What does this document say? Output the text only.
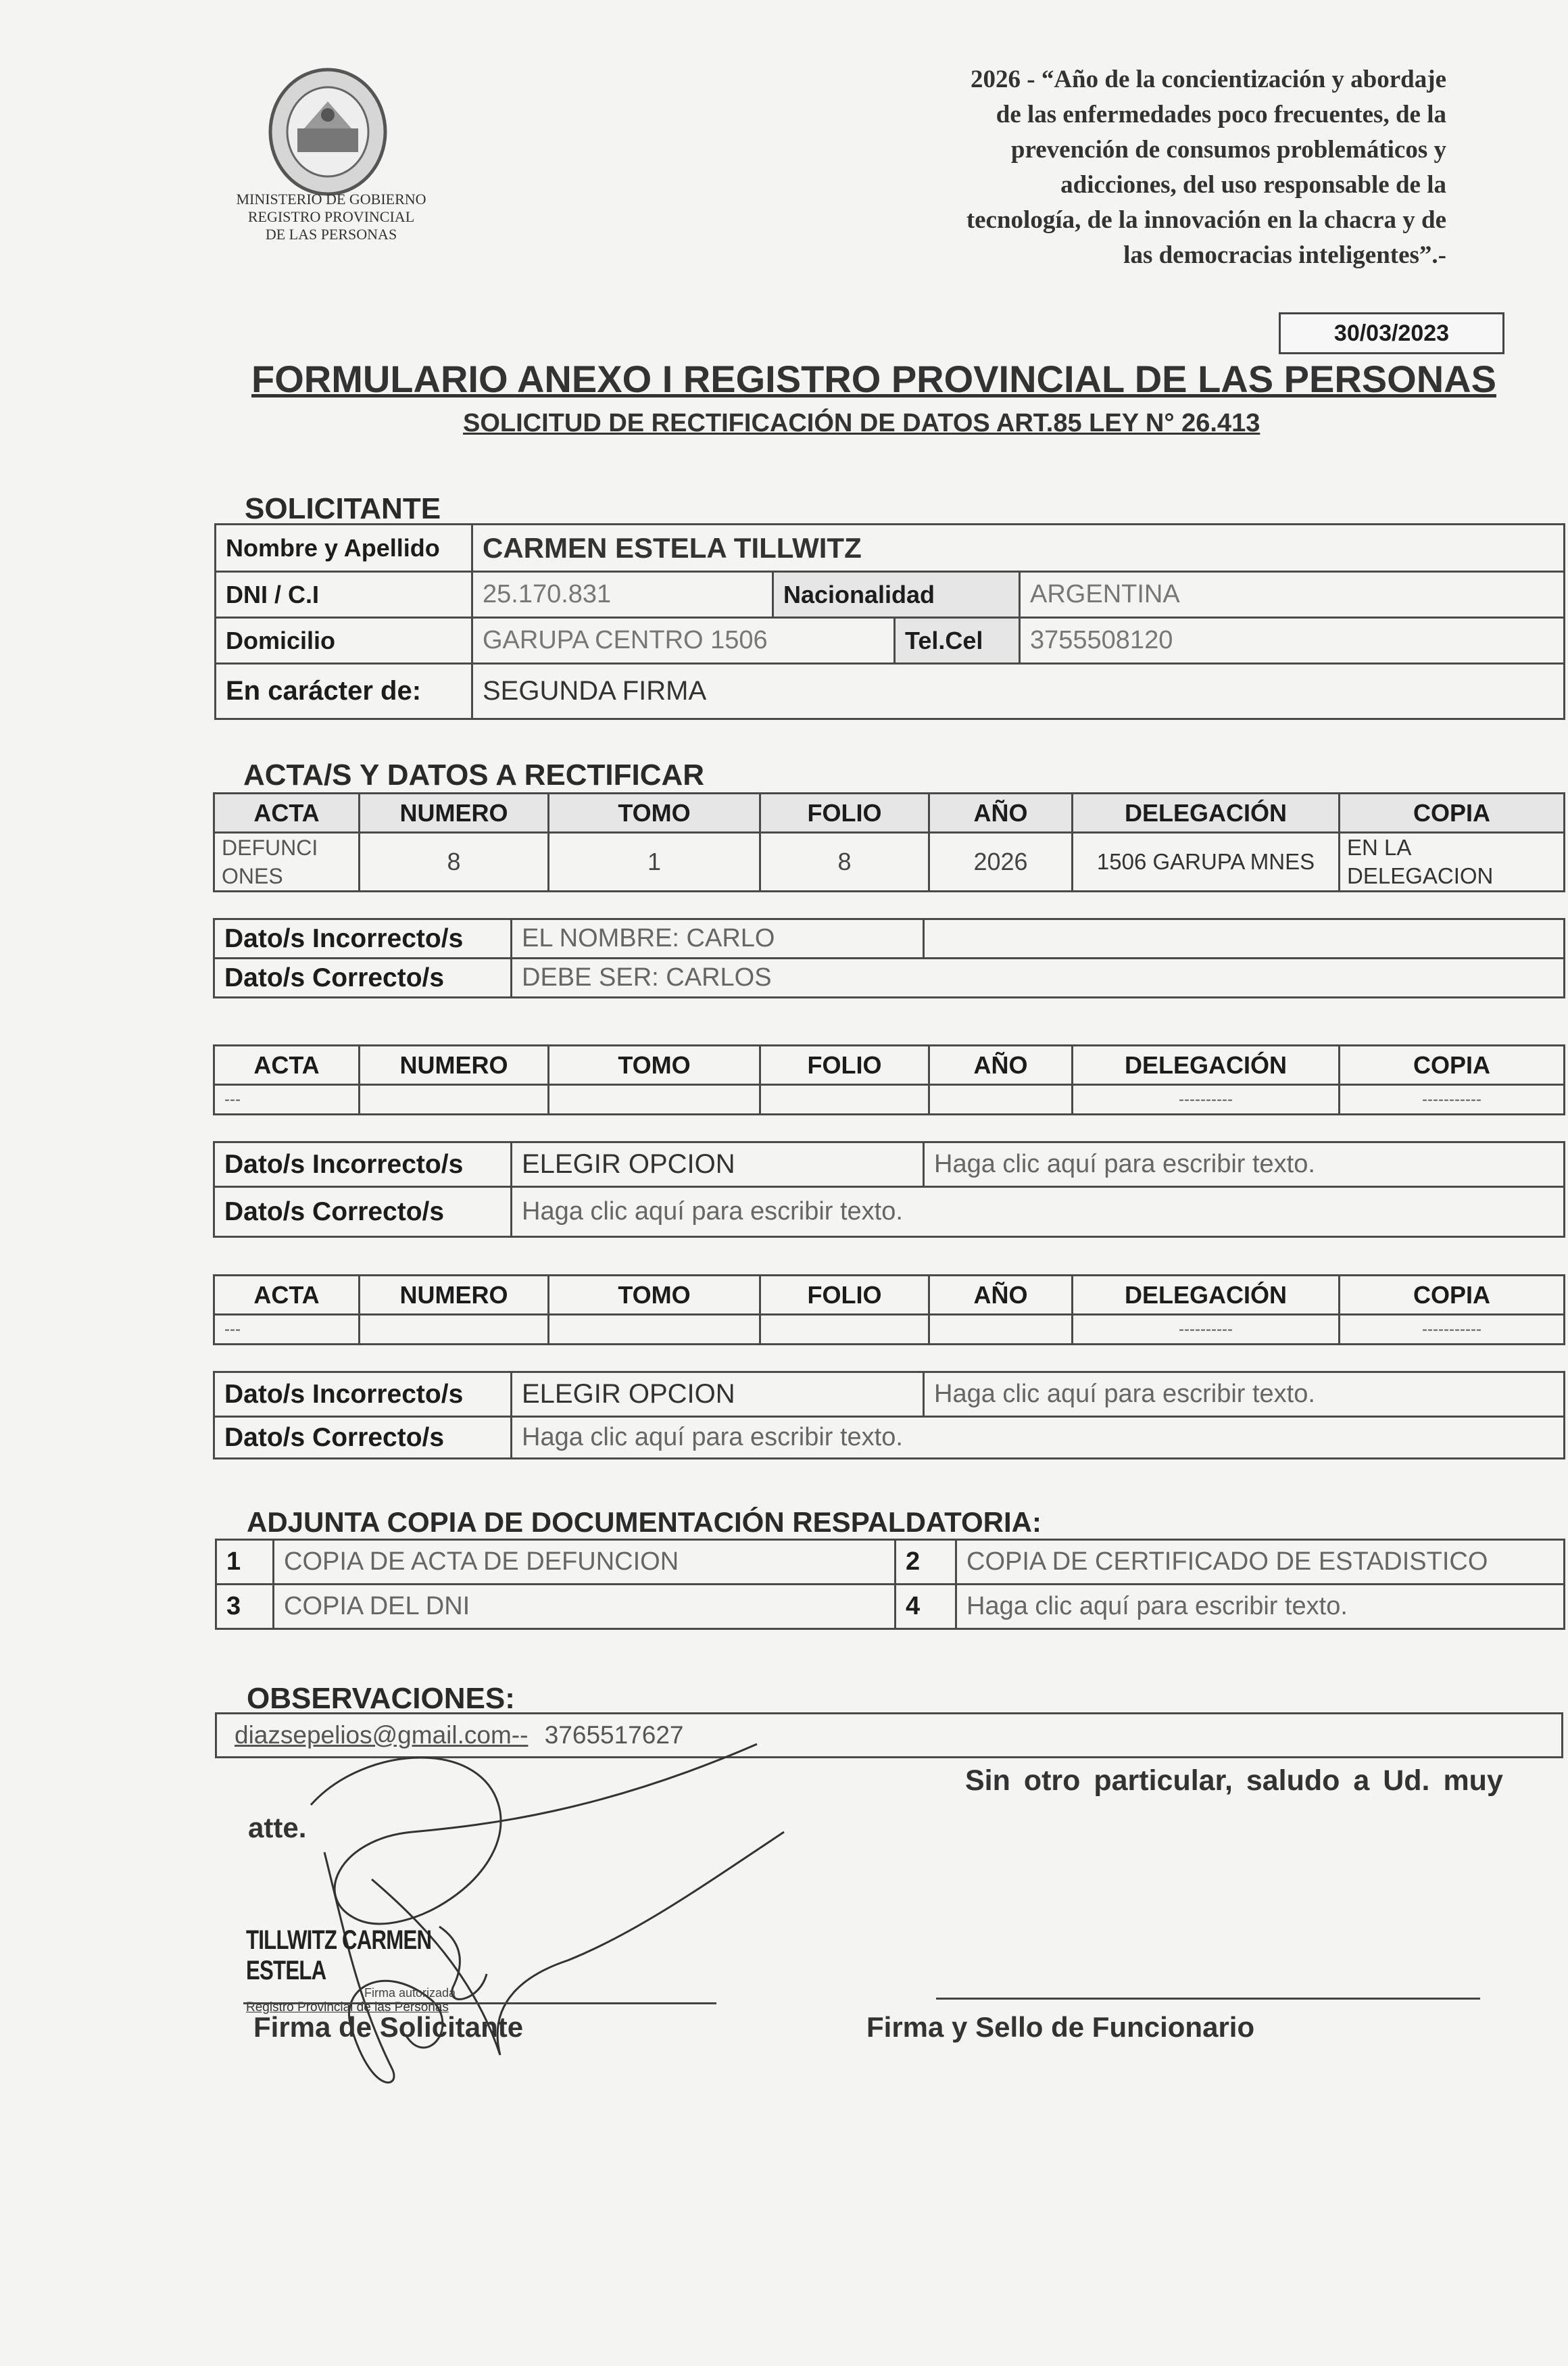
MINISTERIO DE GOBIERNO
REGISTRO PROVINCIAL
DE LAS PERSONAS
2026 - “Año de la concientización y abordaje
de las enfermedades poco frecuentes, de la
prevención de consumos problemáticos y
adicciones, del uso responsable de la
tecnología, de la innovación en la chacra y de
las democracias inteligentes”.-
30/03/2023
FORMULARIO ANEXO I REGISTRO PROVINCIAL DE LAS PERSONAS
SOLICITUD DE RECTIFICACIÓN DE DATOS ART.85 LEY N° 26.413
SOLICITANTE
Nombre y Apellido	CARMEN ESTELA TILLWITZ			
DNI / C.I	25.170.831	Nacionalidad		ARGENTINA
Domicilio	GARUPA CENTRO 1506		Tel.Cel	3755508120
En carácter de:	SEGUNDA FIRMA			
ACTA/S Y DATOS A RECTIFICAR
ACTA	NUMERO	TOMO	FOLIO	AÑO	DELEGACIÓN	COPIA
DEFUNCI ONES	8	1	8	2026	1506 GARUPA MNES	EN LA DELEGACION
Dato/s Incorrecto/s	EL NOMBRE: CARLO	
Dato/s Correcto/s	DEBE SER: CARLOS	
ACTA	NUMERO	TOMO	FOLIO	AÑO	DELEGACIÓN	COPIA
---					----------	-----------
Dato/s Incorrecto/s	ELEGIR OPCION	Haga clic aquí para escribir texto.
Dato/s Correcto/s	Haga clic aquí para escribir texto.	
ACTA	NUMERO	TOMO	FOLIO	AÑO	DELEGACIÓN	COPIA
---					----------	-----------
Dato/s Incorrecto/s	ELEGIR OPCION	Haga clic aquí para escribir texto.
Dato/s Correcto/s	Haga clic aquí para escribir texto.	
ADJUNTA COPIA DE DOCUMENTACIÓN RESPALDATORIA:
1	COPIA DE ACTA DE DEFUNCION	2	COPIA DE CERTIFICADO DE ESTADISTICO
3	COPIA DEL DNI	4	Haga clic aquí para escribir texto.
OBSERVACIONES:
diazsepelios@gmail.com-- 3765517627
Sin otro particular, saludo a Ud. muy
atte.
TILLWITZ CARMEN ESTELA
Firma autorizada
Registro Provincial de las Personas
Firma de Solicitante	Firma y Sello de Funcionario
